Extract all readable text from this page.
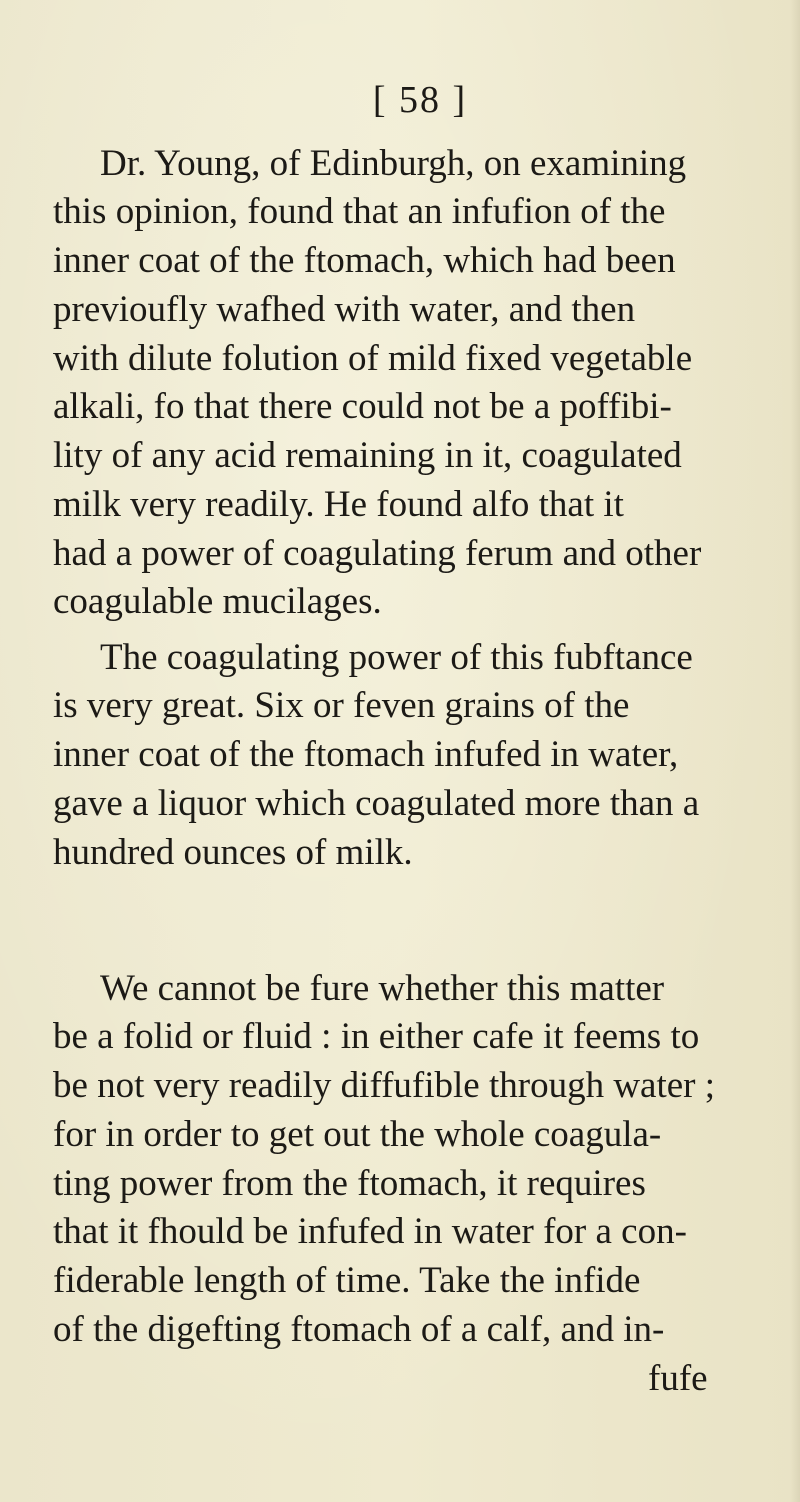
[ 58 ]
Dr. Young, of Edinburgh, on examining
this opinion, found that an infufion of the
inner coat of the ftomach, which had been
previoufly wafhed with water, and then
with dilute folution of mild fixed vegetable
alkali, fo that there could not be a poffibi-
lity of any acid remaining in it, coagulated
milk very readily. He found alfo that it
had a power of coagulating ferum and other
coagulable mucilages.
The coagulating power of this fubftance
is very great. Six or feven grains of the
inner coat of the ftomach infufed in water,
gave a liquor which coagulated more than a
hundred ounces of milk.
We cannot be fure whether this matter
be a folid or fluid : in either cafe it feems to
be not very readily diffufible through water ;
for in order to get out the whole coagula-
ting power from the ftomach, it requires
that it fhould be infufed in water for a con-
fiderable length of time. Take the infide
of the digefting ftomach of a calf, and in-
fufe
